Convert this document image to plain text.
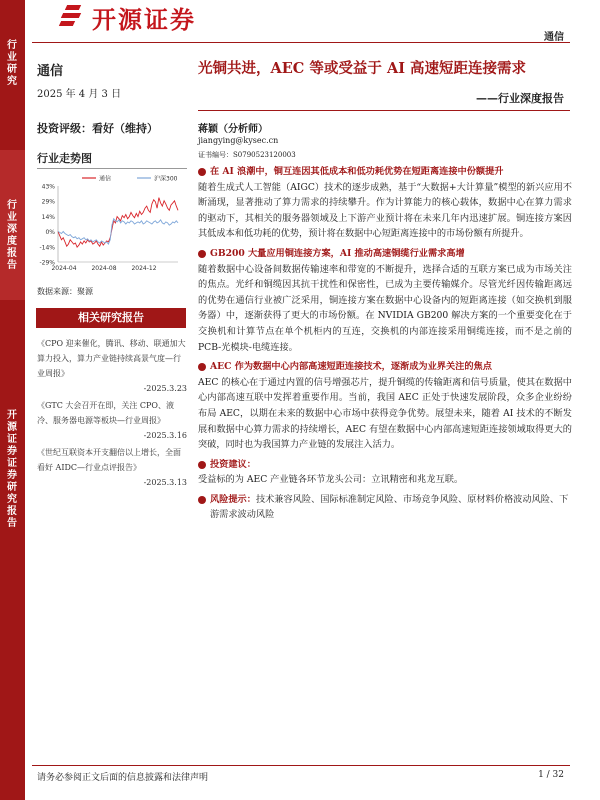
行业研究
行业深度报告
开源证券证券研究报告
开源证券
通信
通信
2025 年 4 月 3 日
投资评级：看好（维持）
行业走势图
43%
29%
14%
0%
-14%
-29%
2024-04 2024-08 2024-12
通信	沪深300
数据来源：聚源
相关研究报告
《CPO 迎来催化，腾讯、移动、联通加大算力投入，算力产业链持续高景气度—行业周报》
-2025.3.23
《GTC 大会召开在即，关注 CPO、液冷、服务器电源等板块—行业周报》
-2025.3.16
《世纪互联资本开支翻倍以上增长，全面看好 AIDC—行业点评报告》
-2025.3.13
光铜共进，AEC 等或受益于 AI 高速短距连接需求
——行业深度报告
蒋颖（分析师）
jiangying@kysec.cn
证书编号：S0790523120003
在 AI 浪潮中，铜互连因其低成本和低功耗优势在短距离连接中份额提升

随着生成式人工智能（AIGC）技术的逐步成熟，基于“大数据+大计算量”模型的新兴应用不断涌现，显著推动了算力需求的持续攀升。作为计算能力的核心载体，数据中心在算力需求的驱动下，其相关的服务器领域及上下游产业预计将在未来几年内迅速扩展。铜连接方案因其低成本和低功耗的优势，预计将在数据中心短距离连接中的市场份额有所提升。

GB200 大量应用铜连接方案，AI 推动高速铜缆行业需求高增

随着数据中心设备间数据传输速率和带宽的不断提升，选择合适的互联方案已成为市场关注的焦点。光纤和铜缆因其抗干扰性和保密性，已成为主要传输媒介。尽管光纤因传输距离远的优势在通信行业被广泛采用，铜连接方案在数据中心设备内的短距离连接（如交换机到服务器）中，逐渐获得了更大的市场份额。在 NVIDIA GB200 解决方案的一个重要变化在于交换机和计算节点在单个机柜内的互连，交换机的内部连接采用铜缆连接，而不是之前的 PCB-光模块-电缆连接。

AEC 作为数据中心内部高速短距连接技术，逐渐成为业界关注的焦点

AEC 的核心在于通过内置的信号增强芯片，提升铜缆的传输距离和信号质量，使其在数据中心内部高速互联中发挥着重要作用。当前，我国 AEC 正处于快速发展阶段，众多企业纷纷布局 AEC，以期在未来的数据中心市场中获得竞争优势。展望未来，随着 AI 技术的不断发展和数据中心算力需求的持续增长，AEC 有望在数据中心内部高速短距连接领域取得更大的突破，同时也为我国算力产业链的发展注入活力。

投资建议：

受益标的为 AEC 产业链各环节龙头公司：立讯精密和兆龙互联。

风险提示：技术兼容风险、国际标准制定风险、市场竞争风险、原材料价格波动风险、下游需求波动风险
请务必参阅正文后面的信息披露和法律声明	1 / 32
